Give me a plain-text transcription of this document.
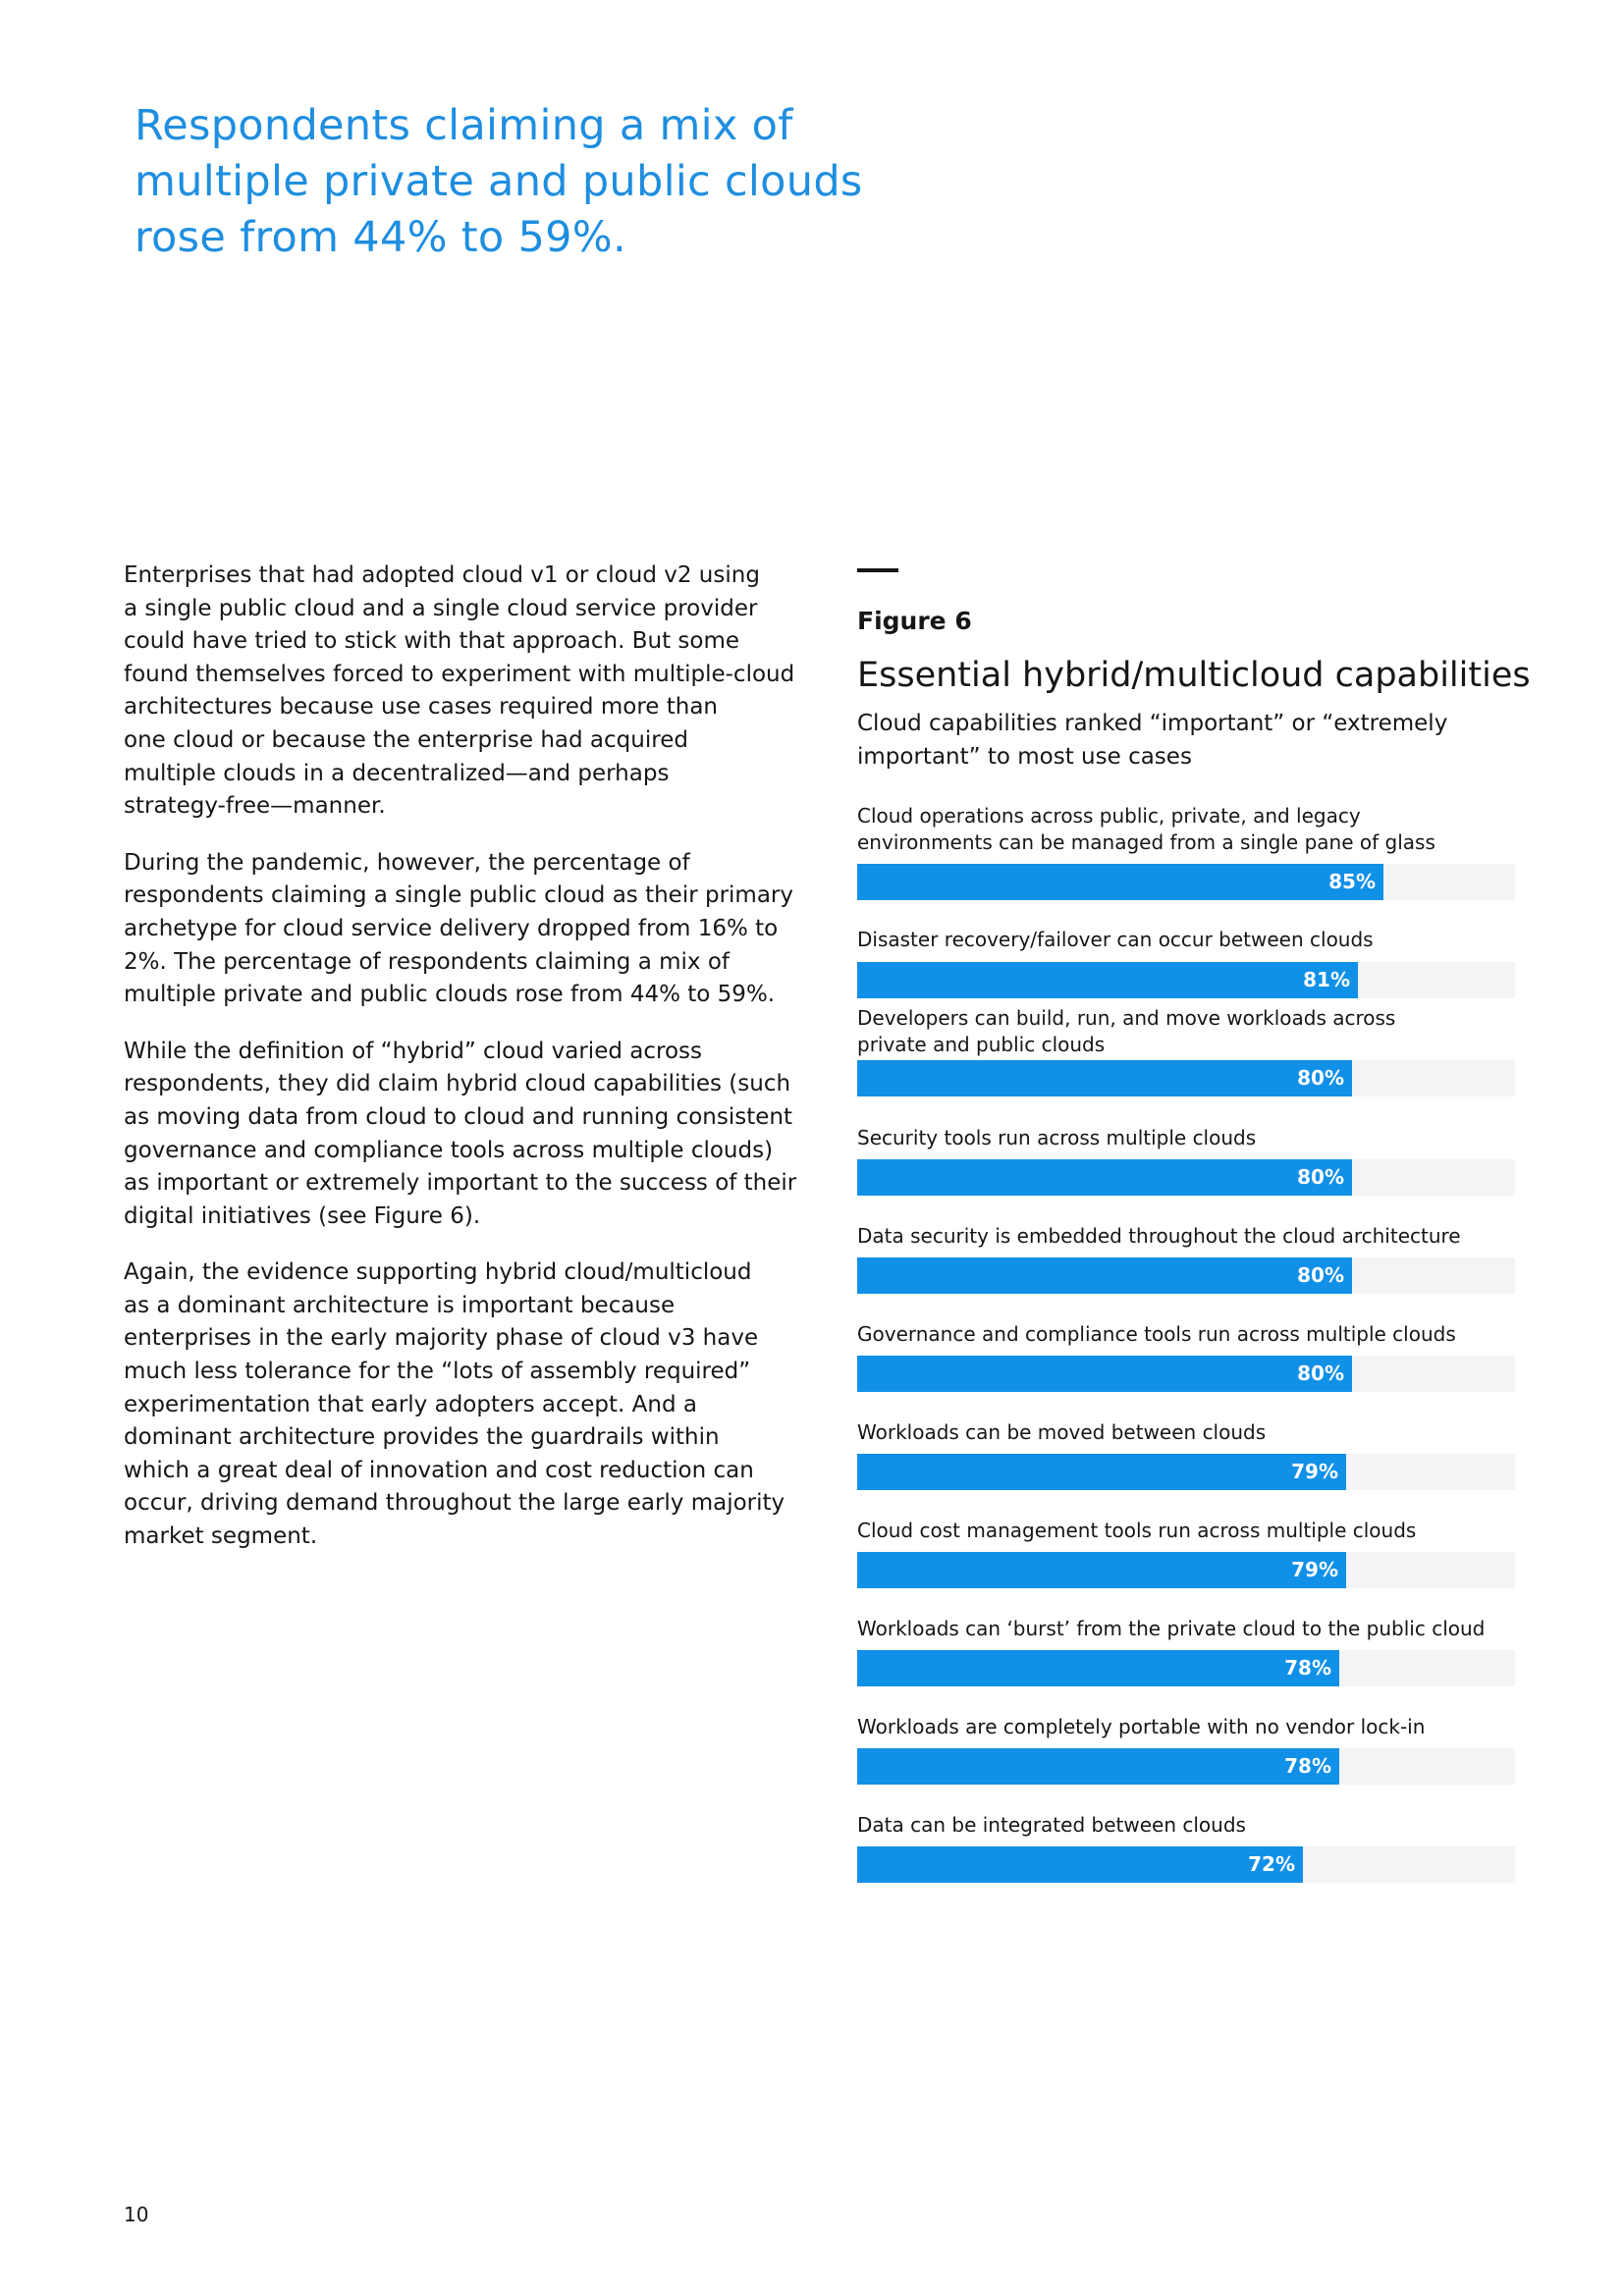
Respondents claiming a mix of
multiple private and public clouds
rose from 44% to 59%.

Enterprises that had adopted cloud v1 or cloud v2 using
a single public cloud and a single cloud service provider
could have tried to stick with that approach. But some
found themselves forced to experiment with multiple-cloud
architectures because use cases required more than
one cloud or because the enterprise had acquired
multiple clouds in a decentralized—and perhaps
strategy-free—manner.

During the pandemic, however, the percentage of
respondents claiming a single public cloud as their primary
archetype for cloud service delivery dropped from 16% to
2%. The percentage of respondents claiming a mix of
multiple private and public clouds rose from 44% to 59%.

While the definition of “hybrid” cloud varied across
respondents, they did claim hybrid cloud capabilities (such
as moving data from cloud to cloud and running consistent
governance and compliance tools across multiple clouds)
as important or extremely important to the success of their
digital initiatives (see Figure 6).

Again, the evidence supporting hybrid cloud/multicloud
as a dominant architecture is important because
enterprises in the early majority phase of cloud v3 have
much less tolerance for the “lots of assembly required”
experimentation that early adopters accept. And a
dominant architecture provides the guardrails within
which a great deal of innovation and cost reduction can
occur, driving demand throughout the large early majority
market segment.

Figure 6
Essential hybrid/multicloud capabilities
Cloud capabilities ranked “important” or “extremely
important” to most use cases
Cloud operations across public, private, and legacy
environments can be managed from a single pane of glass
85%
Disaster recovery/failover can occur between clouds
81%
Developers can build, run, and move workloads across
private and public clouds
80%
Security tools run across multiple clouds
80%
Data security is embedded throughout the cloud architecture
80%
Governance and compliance tools run across multiple clouds
80%
Workloads can be moved between clouds
79%
Cloud cost management tools run across multiple clouds
79%
Workloads can ‘burst’ from the private cloud to the public cloud
78%
Workloads are completely portable with no vendor lock-in
78%
Data can be integrated between clouds
72%
10
